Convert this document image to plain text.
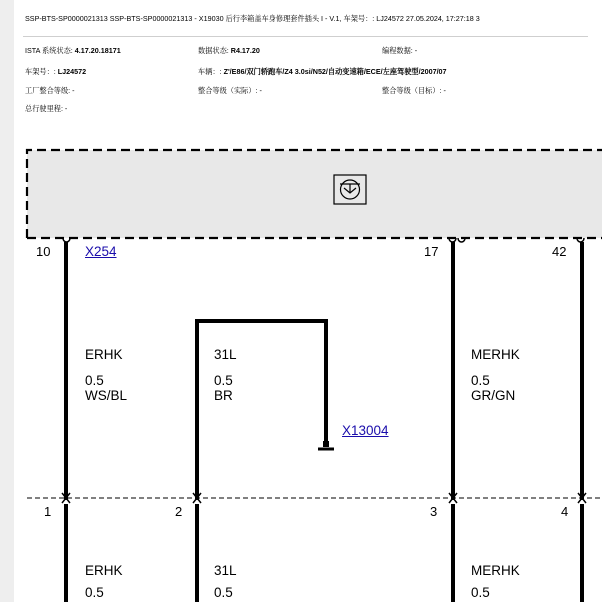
SSP-BTS-SP0000021313 SSP-BTS-SP0000021313 - X19030 后行李箱盖车身修理套件插头 I - V.1, 车架号：: LJ24572 27.05.2024, 17:27:18 3
ISTA 系统状态: 4.17.20.18171	数据状态: R4.17.20	编程数据: -
车架号：: LJ24572	车辆：: Z'/E86/双门轿跑车/Z4 3.0si/N52/自动变速箱/ECE/左座驾驶型/2007/07
工厂整合等级: -	整合等级（实际）: -	整合等级（目标）: -
总行驶里程: -
10	X254	17	42
ERHK
0.5
WS/BL
31L
0.5
BR
MERHK
0.5
GR/GN
X13004
1	2	3	4
ERHK
0.5
31L
0.5
MERHK
0.5
